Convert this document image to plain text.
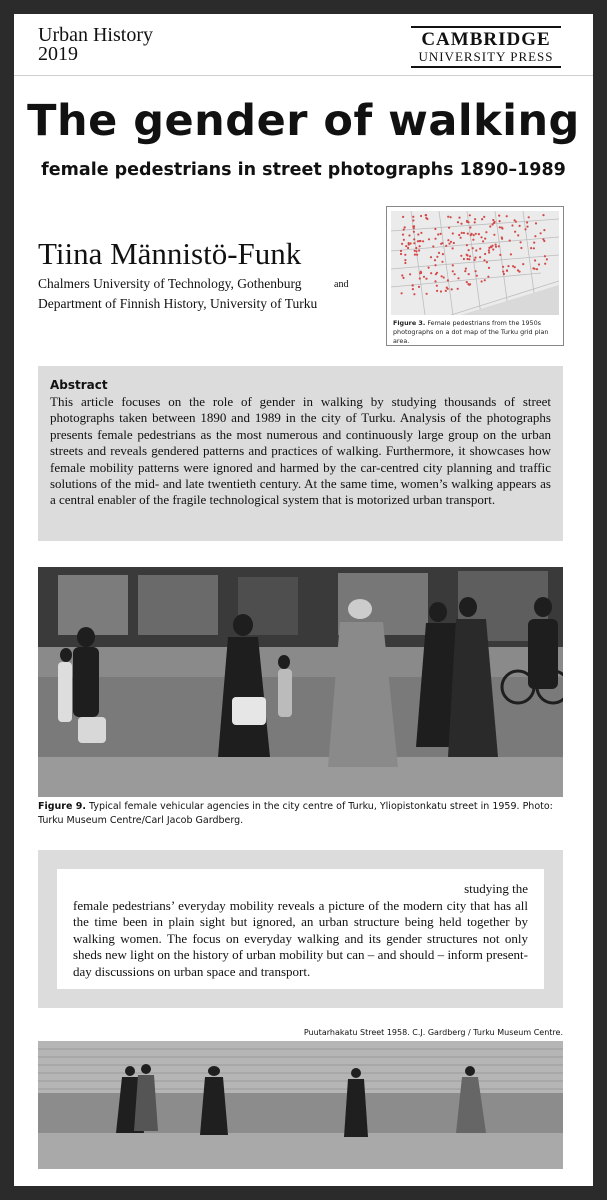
Urban History
2019
CAMBRIDGE
UNIVERSITY PRESS
The gender of walking
female pedestrians in street photographs 1890–1989
Tiina Männistö-Funk
Chalmers University of Technology, Gothenburg	and
Department of Finnish History, University of Turku
Figure 3. Female pedestrians from the 1950s photographs on a dot map of the Turku grid plan area.
Abstract
This article focuses on the role of gender in walking by studying thousands of street photographs taken between 1890 and 1989 in the city of Turku. Analysis of the photographs presents female pedestrians as the most numerous and continuously large group on the urban streets and reveals gendered patterns and practices of walking. Furthermore, it showcases how female mobility patterns were ignored and harmed by the car-centred city planning and traffic solutions of the mid- and late twentieth century. At the same time, women’s walking appears as a central enabler of the fragile technological system that is motorized urban transport.
Figure 9. Typical female vehicular agencies in the city centre of Turku, Yliopistonkatu street in 1959. Photo: Turku Museum Centre/Carl Jacob Gardberg.
studying the
female pedestrians’ everyday mobility reveals a picture of the modern city that has all the time been in plain sight but ignored, an urban structure being held together by walking women. The focus on everyday walking and its gender structures not only sheds new light on the history of urban mobility but can – and should – inform present-day discussions on urban space and transport.
Puutarhakatu Street 1958. C.J. Gardberg / Turku Museum Centre.
